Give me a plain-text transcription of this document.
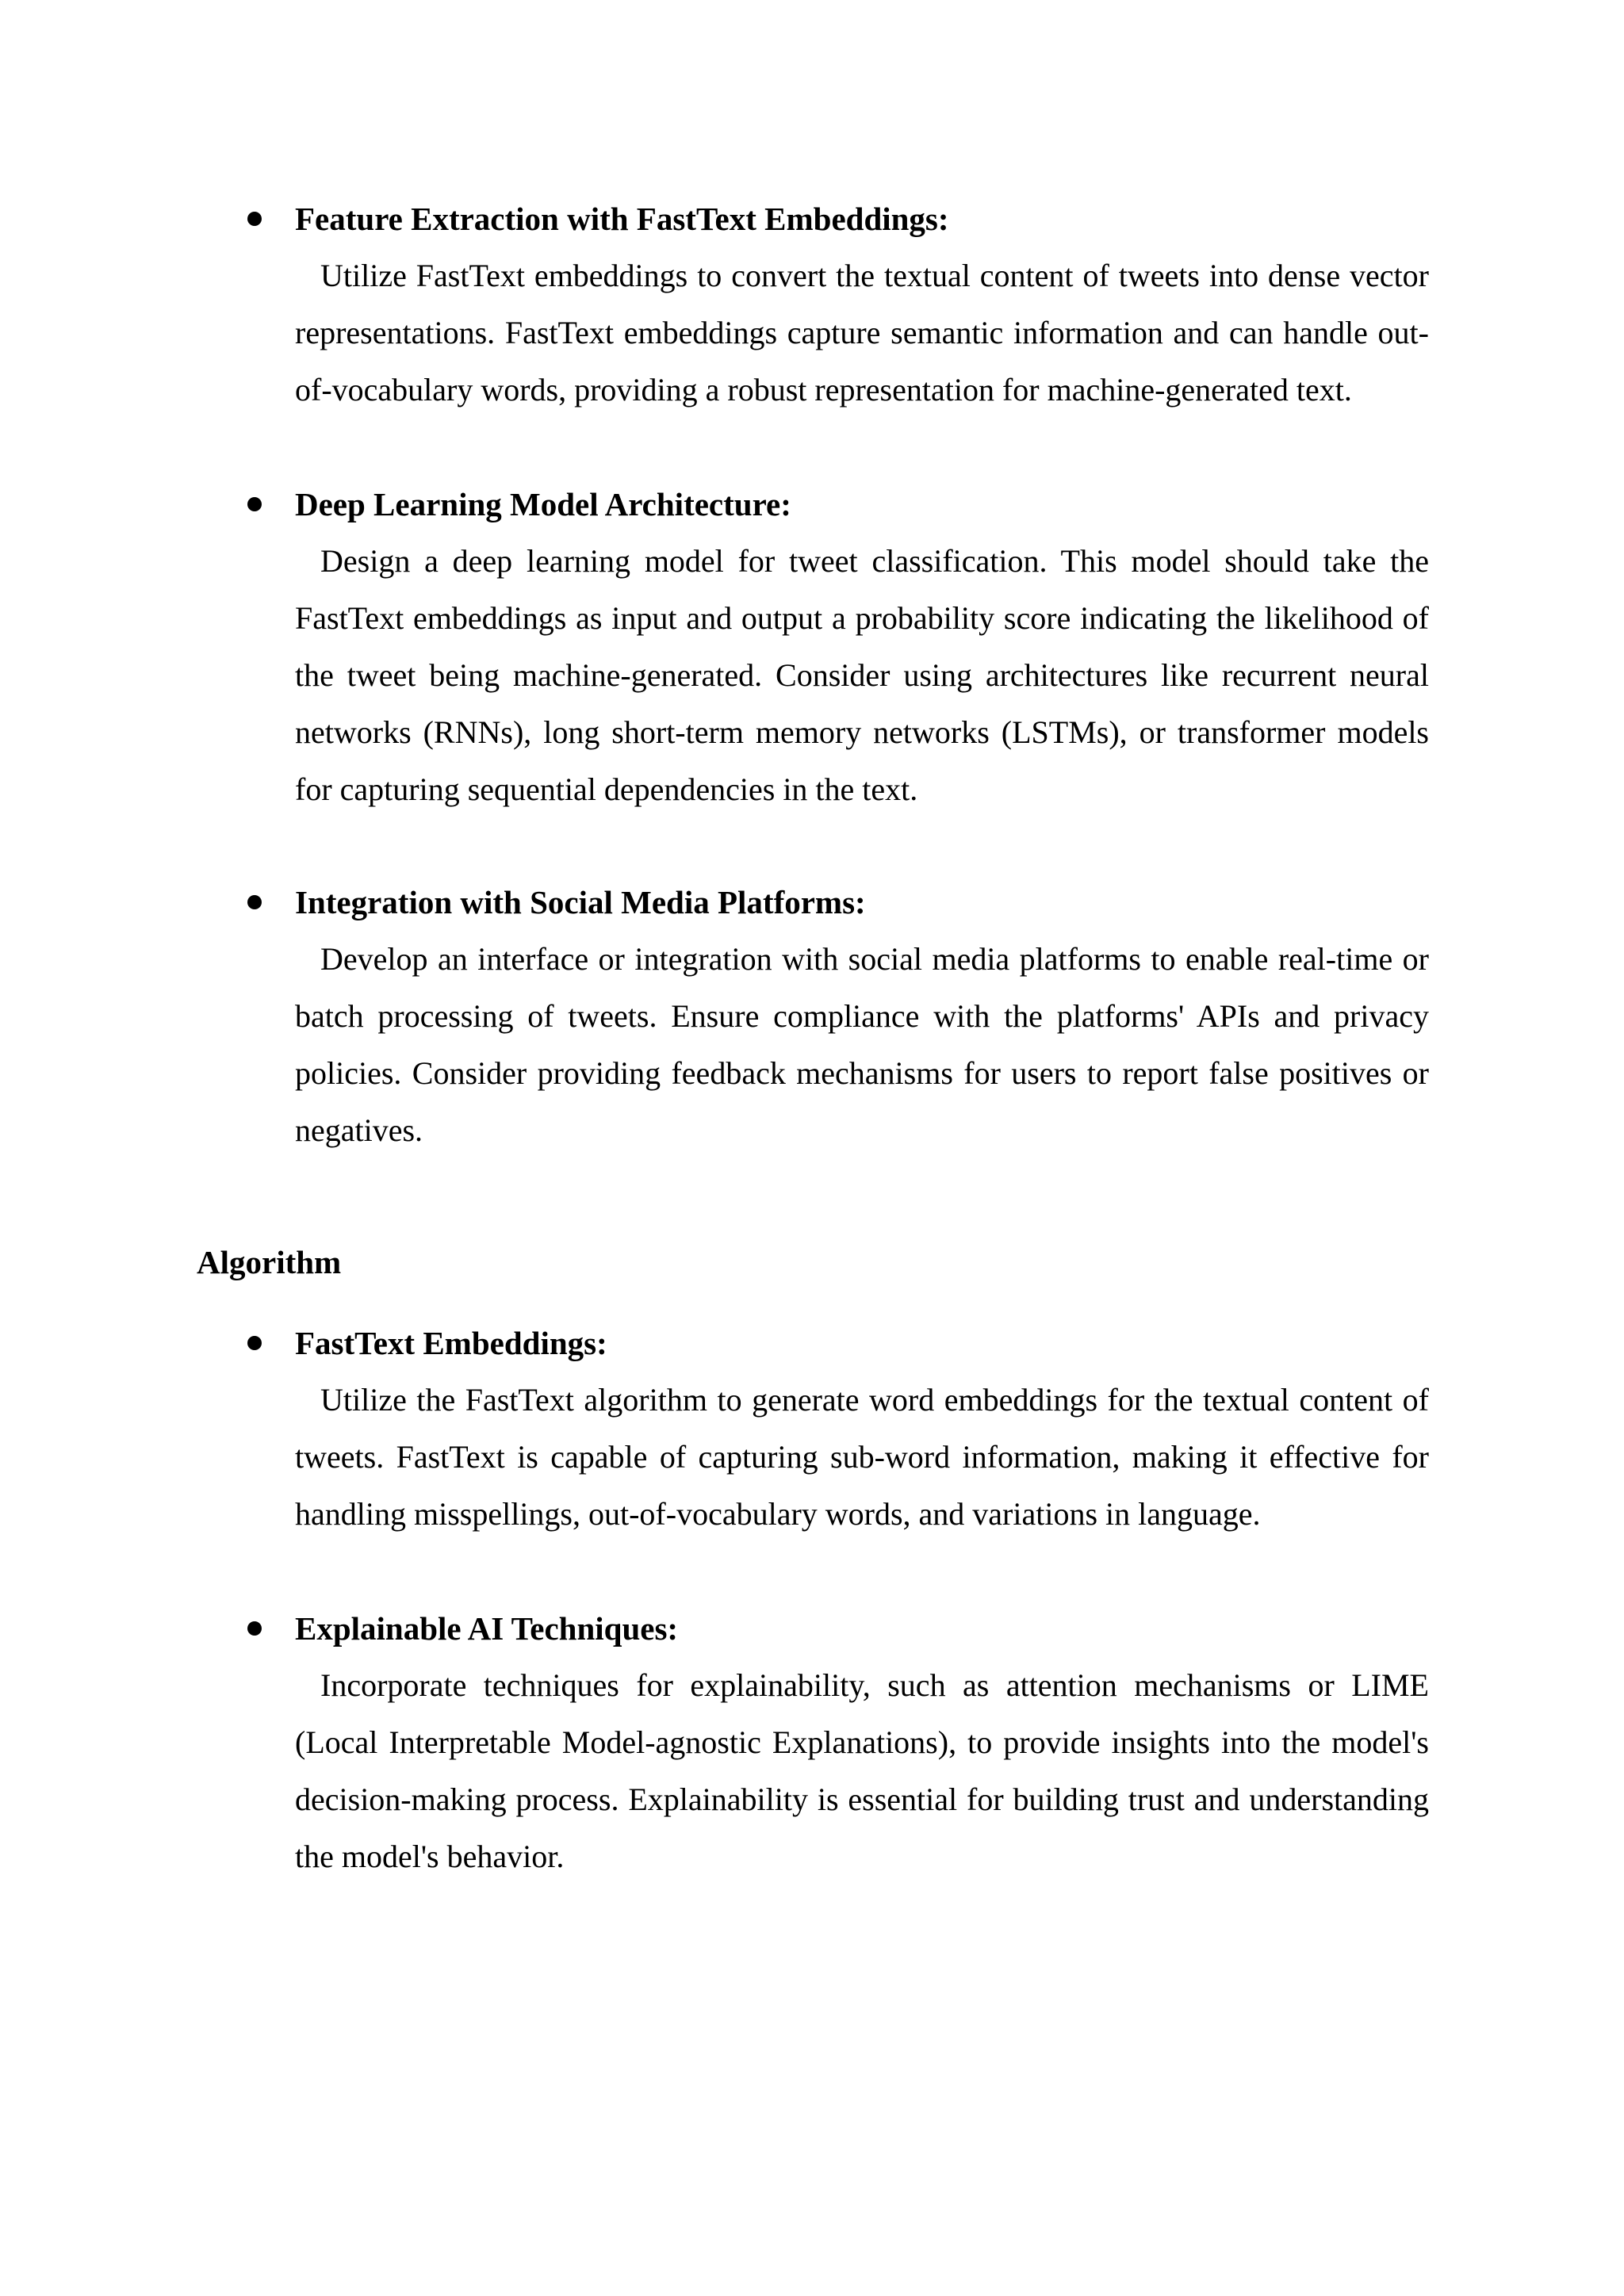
Feature Extraction with FastText Embeddings:

Utilize FastText embeddings to convert the textual content of tweets into dense vector representations. FastText embeddings capture semantic information and can handle out-of-vocabulary words, providing a robust representation for machine-generated text.

Deep Learning Model Architecture:

Design a deep learning model for tweet classification. This model should take the FastText embeddings as input and output a probability score indicating the likelihood of the tweet being machine-generated. Consider using architectures like recurrent neural networks (RNNs), long short-term memory networks (LSTMs), or transformer models for capturing sequential dependencies in the text.

Integration with Social Media Platforms:

Develop an interface or integration with social media platforms to enable real-time or batch processing of tweets. Ensure compliance with the platforms' APIs and privacy policies. Consider providing feedback mechanisms for users to report false positives or negatives.

Algorithm
FastText Embeddings:

Utilize the FastText algorithm to generate word embeddings for the textual content of tweets. FastText is capable of capturing sub-word information, making it effective for handling misspellings, out-of-vocabulary words, and variations in language.

Explainable AI Techniques:

Incorporate techniques for explainability, such as attention mechanisms or LIME (Local Interpretable Model-agnostic Explanations), to provide insights into the model's decision-making process. Explainability is essential for building trust and understanding the model's behavior.
